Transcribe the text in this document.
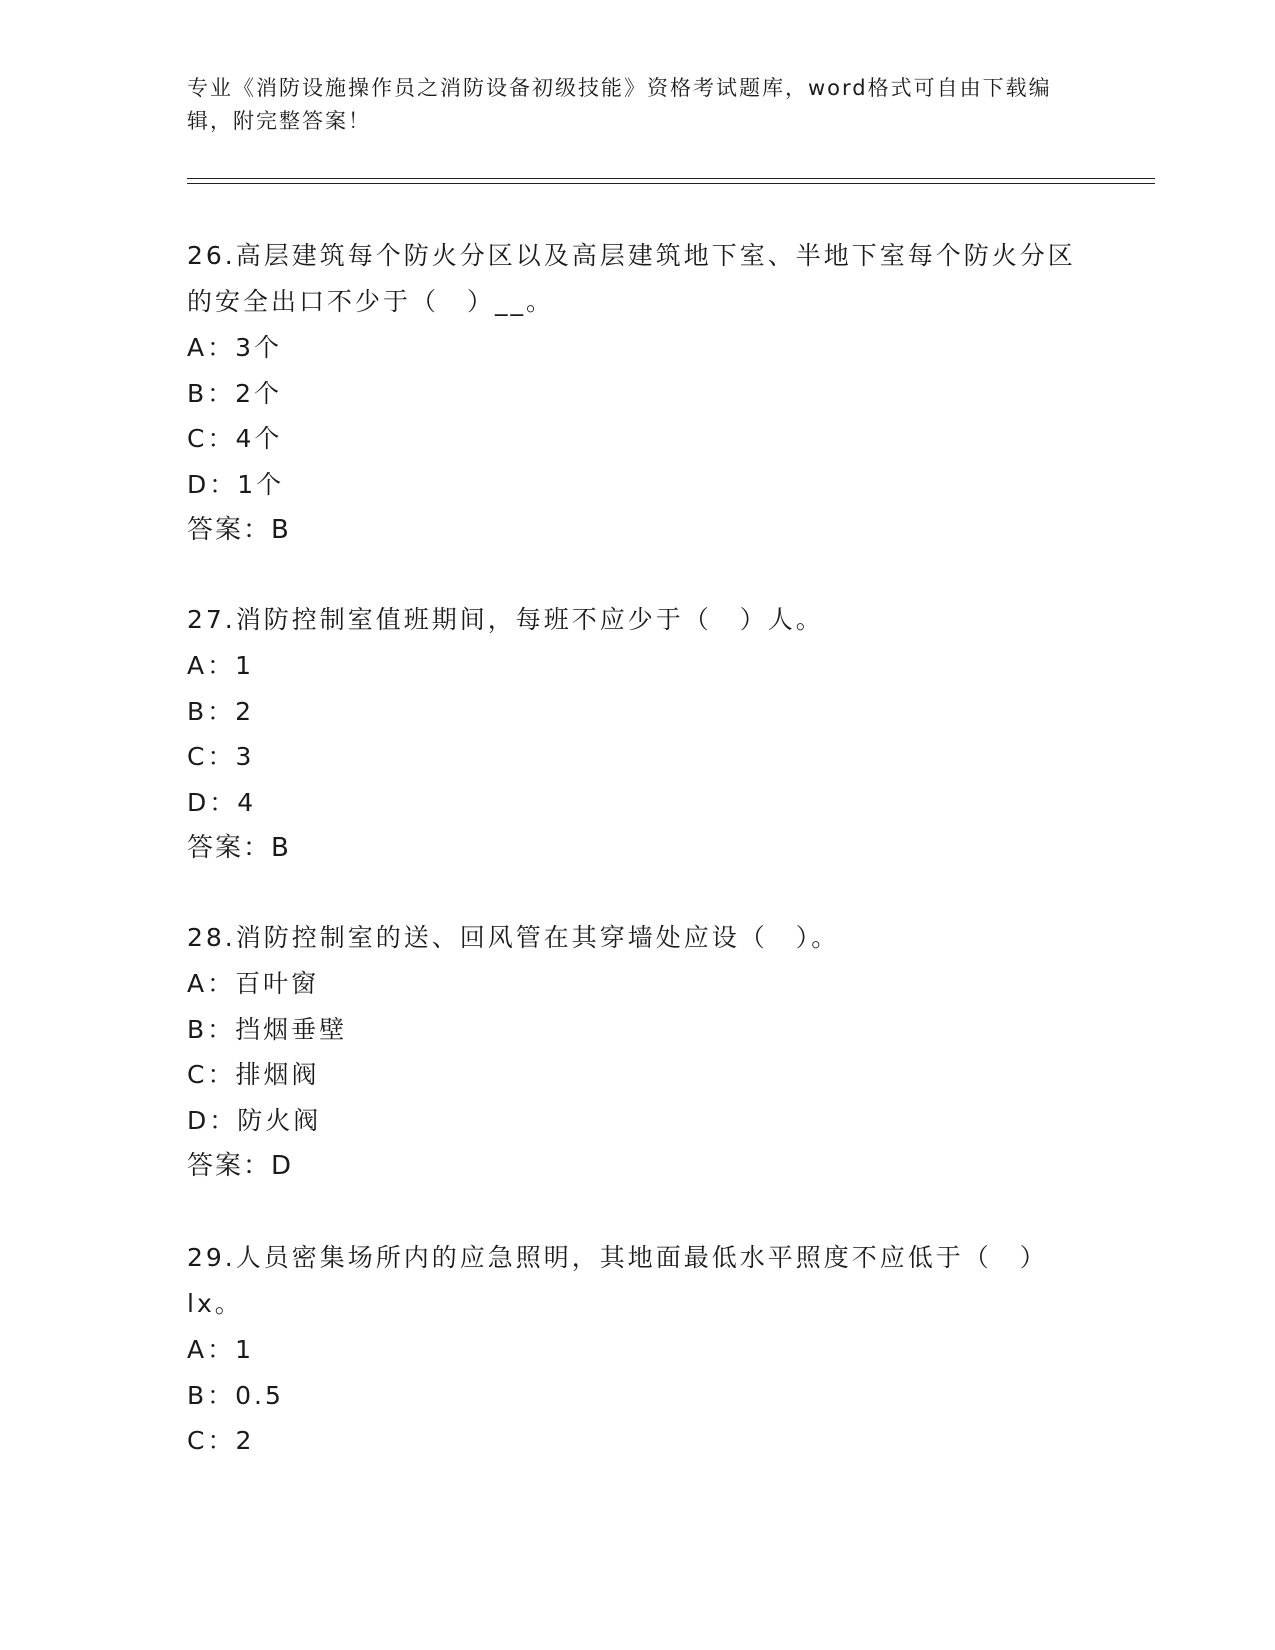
专业《消防设施操作员之消防设备初级技能》资格考试题库，word格式可自由下载编辑，附完整答案！

26.高层建筑每个防火分区以及高层建筑地下室、半地下室每个防火分区的安全出口不少于（　）__。

A：3个
B：2个
C：4个
D：1个
答案：B

27.消防控制室值班期间，每班不应少于（　）人。

A：1
B：2
C：3
D：4
答案：B

28.消防控制室的送、回风管在其穿墙处应设（　）。

A：百叶窗
B：挡烟垂壁
C：排烟阀
D：防火阀
答案：D

29.人员密集场所内的应急照明，其地面最低水平照度不应低于（　）lx。

A：1
B：0.5
C：2
